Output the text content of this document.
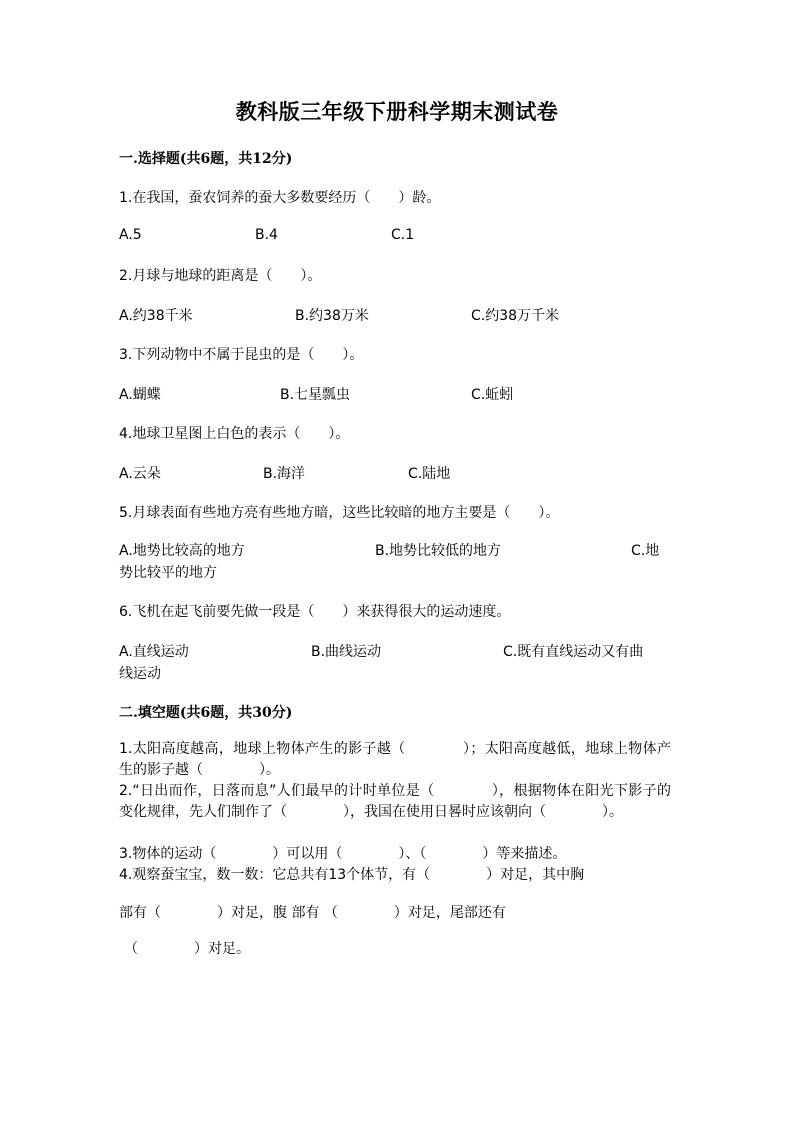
教科版三年级下册科学期末测试卷
一.选择题(共6题，共12分)
1.在我国，蚕农饲养的蚕大多数要经历（　　）龄。
A.5	B.4	C.1
2.月球与地球的距离是（　　）。
A.约38千米	B.约38万米	C.约38万千米
3.下列动物中不属于昆虫的是（　　）。
A.蝴蝶	B.七星瓢虫	C.蚯蚓
4.地球卫星图上白色的表示（　　）。
A.云朵	B.海洋	C.陆地
5.月球表面有些地方亮有些地方暗，这些比较暗的地方主要是（　　）。
A.地势比较高的地方	B.地势比较低的地方	C.地
势比较平的地方
6.飞机在起飞前要先做一段是（　　）来获得很大的运动速度。
A.直线运动	B.曲线运动	C.既有直线运动又有曲
线运动
二.填空题(共6题，共30分)
1.太阳高度越高，地球上物体产生的影子越（　　　　）；太阳高度越低，地球上物体产生的影子越（　　　　）。
2.“日出而作，日落而息”人们最早的计时单位是（　　　　），根据物体在阳光下影子的变化规律，先人们制作了（　　　　），我国在使用日晷时应该朝向（　　　　）。
3.物体的运动（　　　　）可以用（　　　　）、（　　　　）等来描述。
4.观察蚕宝宝，数一数：它总共有13个体节，有（　　　　）对足，其中胸
部有（　　　　）对足，腹 部有 （　　　　）对足，尾部还有
（　　　　）对足。
